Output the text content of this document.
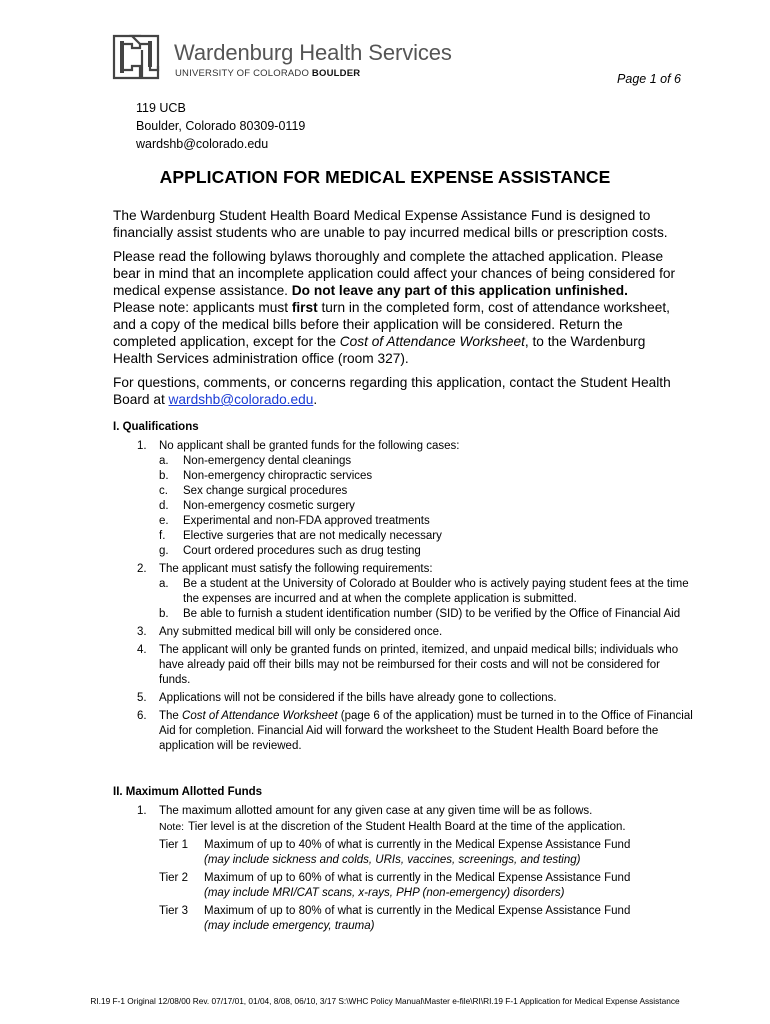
Wardenburg Health Services
UNIVERSITY OF COLORADO BOULDER	Page 1 of 6
119 UCB
Boulder, Colorado 80309-0119
wardshb@colorado.edu
APPLICATION FOR MEDICAL EXPENSE ASSISTANCE

The Wardenburg Student Health Board Medical Expense Assistance Fund is designed to financially assist students who are unable to pay incurred medical bills or prescription costs.

Please read the following bylaws thoroughly and complete the attached application. Please bear in mind that an incomplete application could affect your chances of being considered for medical expense assistance. Do not leave any part of this application unfinished.
Please note: applicants must first turn in the completed form, cost of attendance worksheet, and a copy of the medical bills before their application will be considered. Return the completed application, except for the Cost of Attendance Worksheet, to the Wardenburg Health Services administration office (room 327).

For questions, comments, or concerns regarding this application, contact the Student Health Board at wardshb@colorado.edu.

I. Qualifications
1. No applicant shall be granted funds for the following cases:
a. Non-emergency dental cleanings
b. Non-emergency chiropractic services
c. Sex change surgical procedures
d. Non-emergency cosmetic surgery
e. Experimental and non-FDA approved treatments
f. Elective surgeries that are not medically necessary
g. Court ordered procedures such as drug testing
2. The applicant must satisfy the following requirements:
a. Be a student at the University of Colorado at Boulder who is actively paying student fees at the time the expenses are incurred and at when the complete application is submitted.
b. Be able to furnish a student identification number (SID) to be verified by the Office of Financial Aid
3. Any submitted medical bill will only be considered once.
4. The applicant will only be granted funds on printed, itemized, and unpaid medical bills; individuals who have already paid off their bills may not be reimbursed for their costs and will not be considered for funds.
5. Applications will not be considered if the bills have already gone to collections.
6. The Cost of Attendance Worksheet (page 6 of the application) must be turned in to the Office of Financial Aid for completion. Financial Aid will forward the worksheet to the Student Health Board before the application will be reviewed.
II. Maximum Allotted Funds
1. The maximum allotted amount for any given case at any given time will be as follows.
Note: Tier level is at the discretion of the Student Health Board at the time of the application.
Tier 1 Maximum of up to 40% of what is currently in the Medical Expense Assistance Fund
(may include sickness and colds, URIs, vaccines, screenings, and testing)
Tier 2 Maximum of up to 60% of what is currently in the Medical Expense Assistance Fund
(may include MRI/CAT scans, x-rays, PHP (non-emergency) disorders)
Tier 3 Maximum of up to 80% of what is currently in the Medical Expense Assistance Fund
(may include emergency, trauma)
RI.19 F-1 Original 12/08/00 Rev. 07/17/01, 01/04, 8/08, 06/10, 3/17 S:\WHC Policy Manual\Master e-file\RI\RI.19 F-1 Application for Medical Expense Assistance
